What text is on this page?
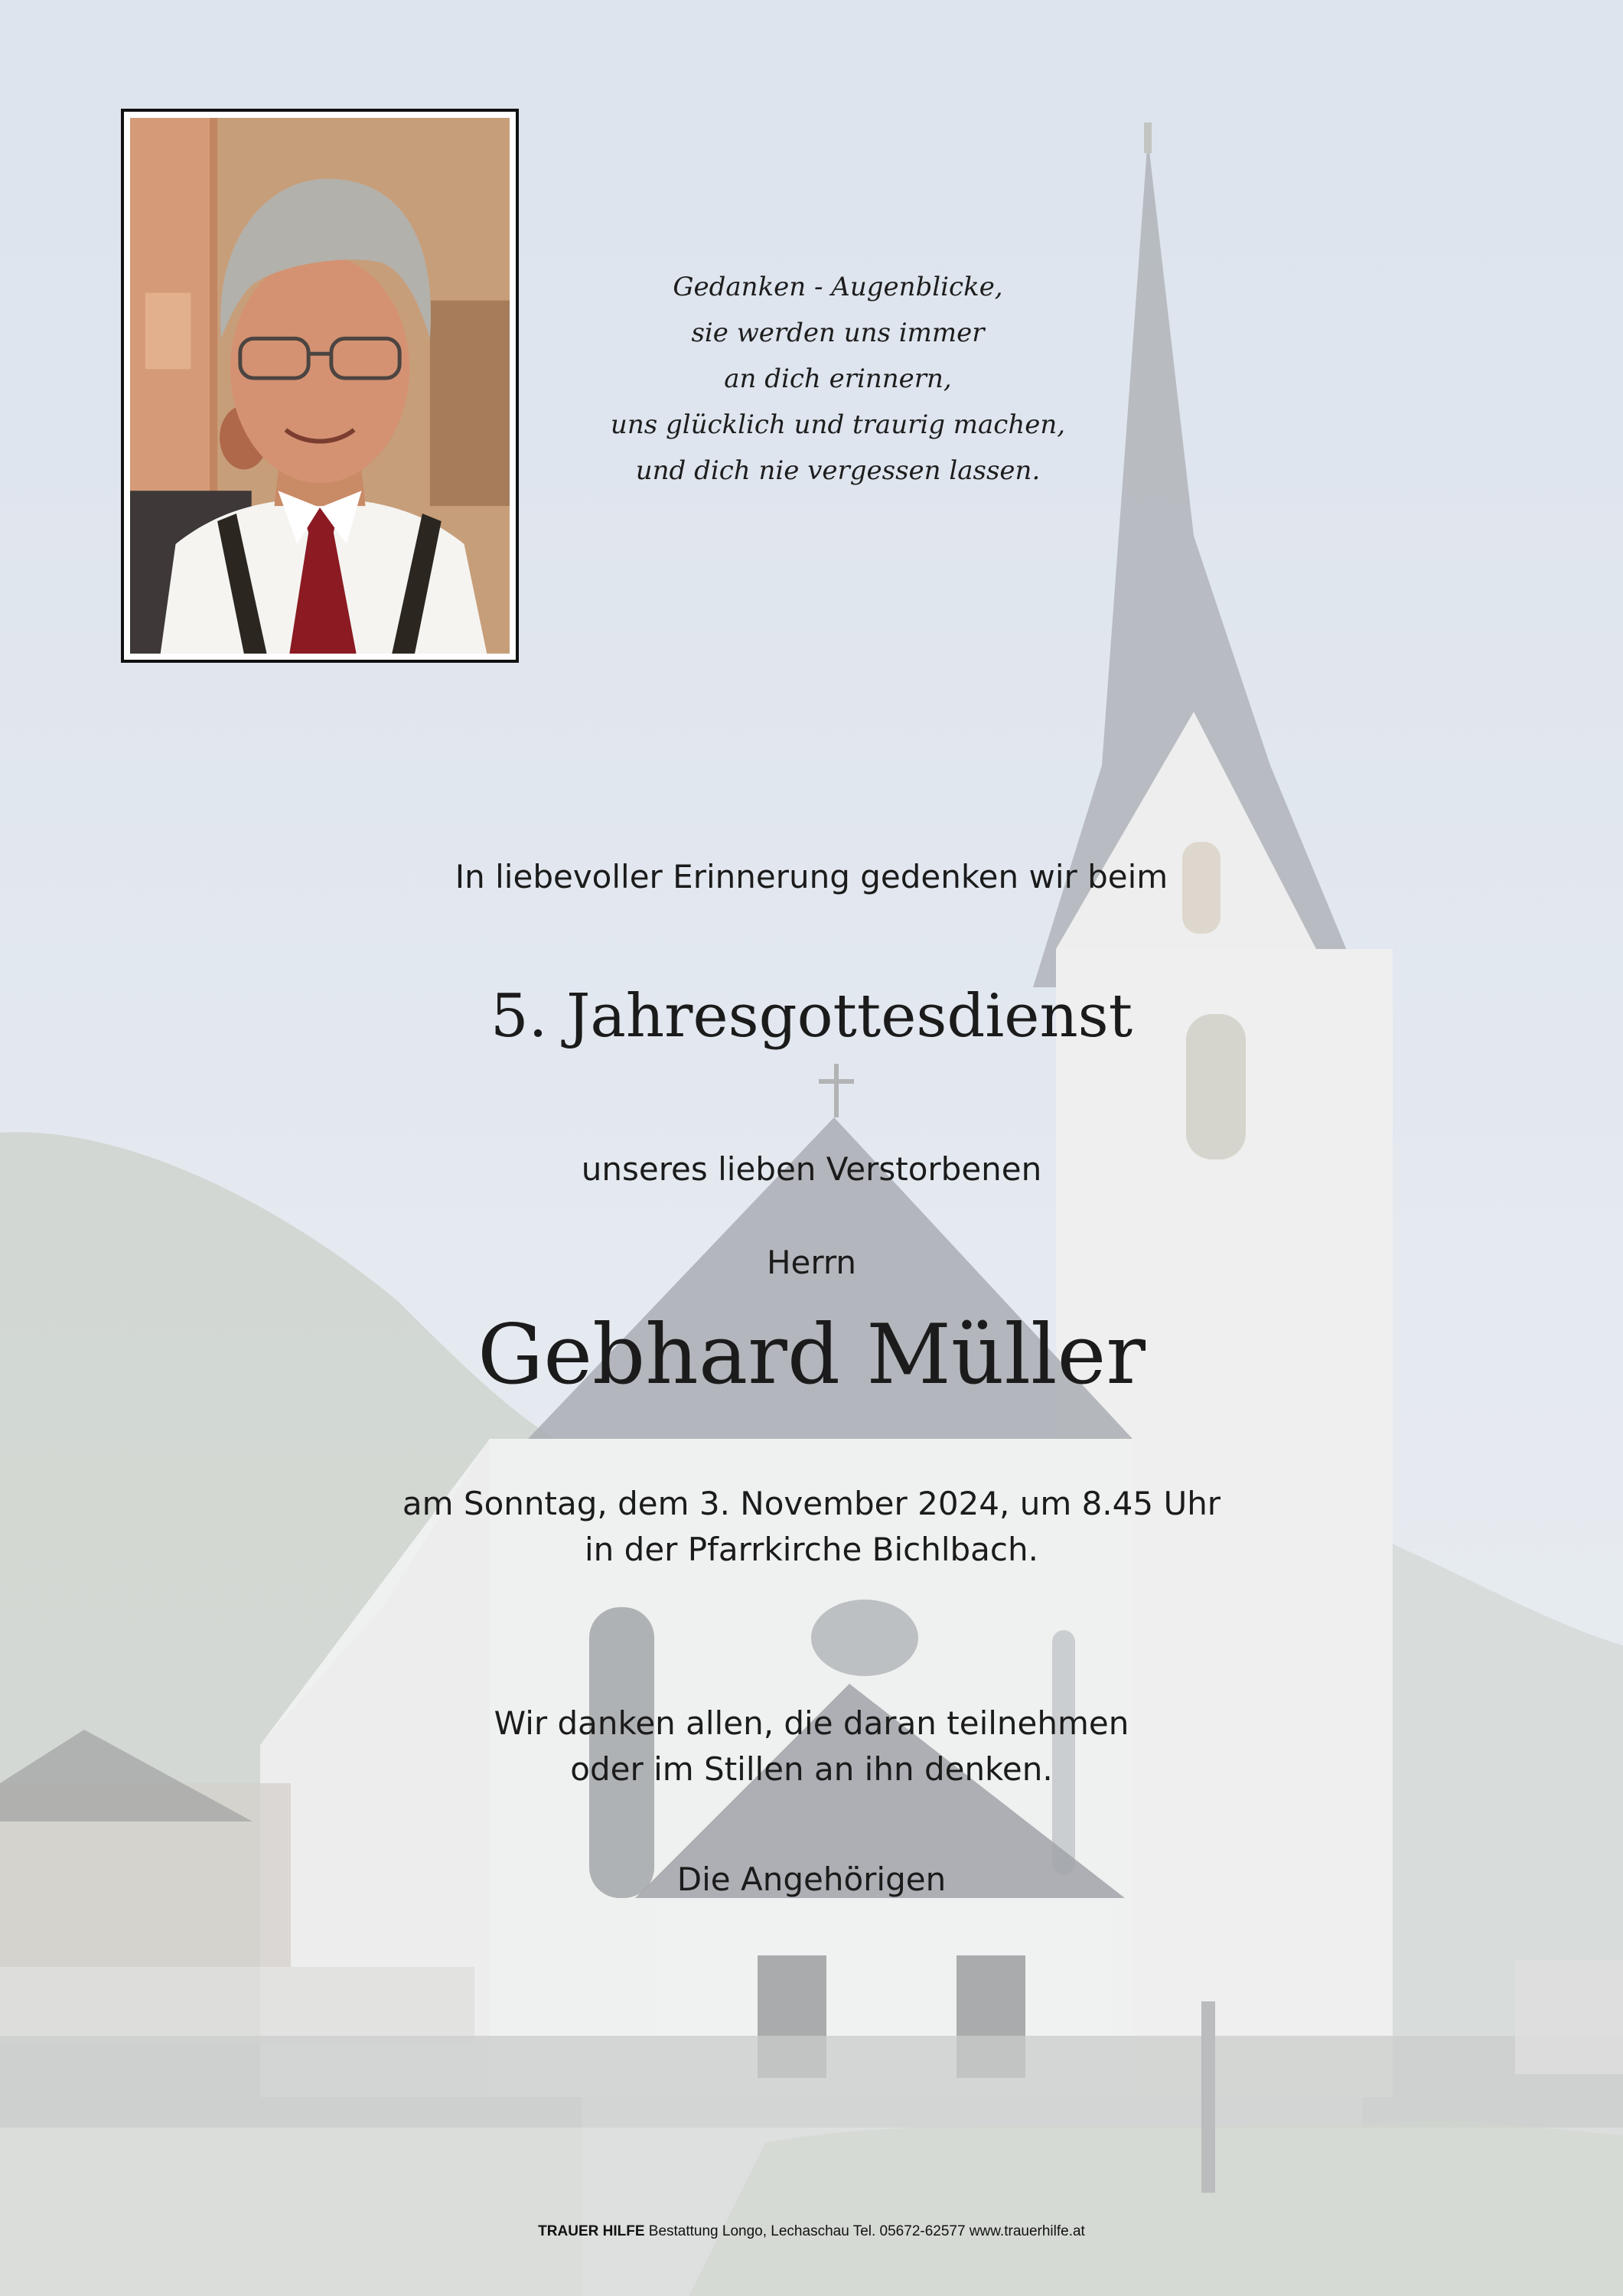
Gedanken - Augenblicke,
sie werden uns immer
an dich erinnern,
uns glücklich und traurig machen,
und dich nie vergessen lassen.
In liebevoller Erinnerung gedenken wir beim
5. Jahresgottesdienst
unseres lieben Verstorbenen
Herrn
Gebhard Müller
am Sonntag, dem 3. November 2024, um 8.45 Uhr
in der Pfarrkirche Bichlbach.
Wir danken allen, die daran teilnehmen
oder im Stillen an ihn denken.
Die Angehörigen
TRAUER HILFE Bestattung Longo, Lechaschau Tel. 05672-62577 www.trauerhilfe.at
